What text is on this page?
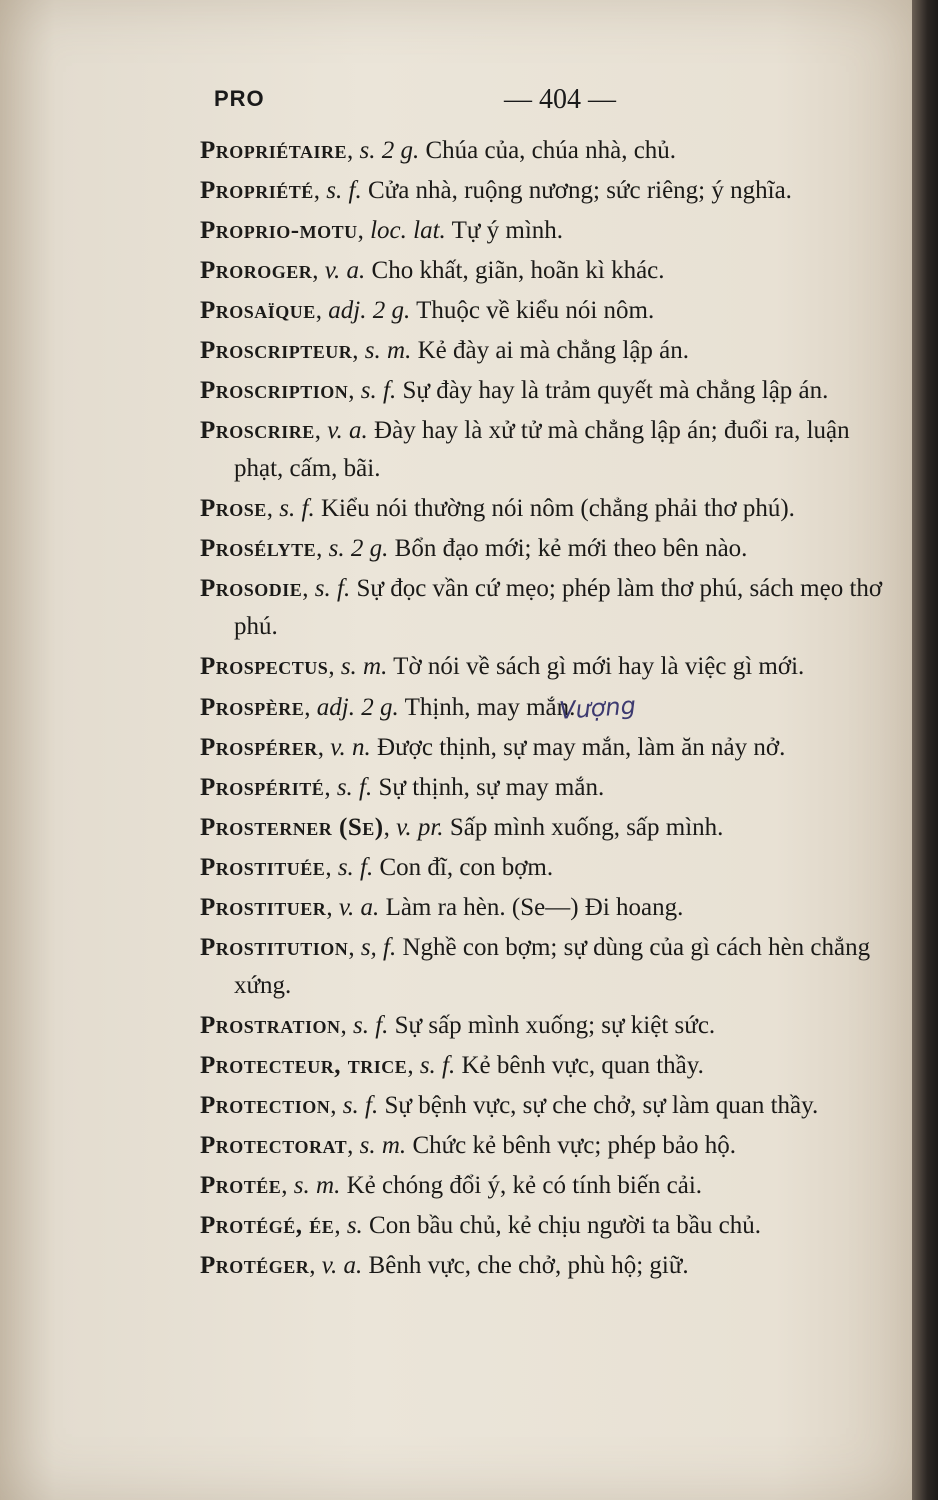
PRO	— 404 —

Propriétaire, s. 2 g. Chúa của, chúa nhà, chủ.

Propriété, s. f. Cửa nhà, ruộng nương; sức riêng; ý nghĩa.

Proprio-motu, loc. lat. Tự ý mình.

Proroger, v. a. Cho khất, giãn, hoãn kì khác.

Prosaïque, adj. 2 g. Thuộc về kiểu nói nôm.

Proscripteur, s. m. Kẻ đày ai mà chẳng lập án.

Proscription, s. f. Sự đày hay là trảm quyết mà chẳng lập án.

Proscrire, v. a. Đày hay là xử tử mà chẳng lập án; đuổi ra, luận phạt, cấm, bãi.

Prose, s. f. Kiểu nói thường nói nôm (chẳng phải thơ phú).

Prosélyte, s. 2 g. Bổn đạo mới; kẻ mới theo bên nào.

Prosodie, s. f. Sự đọc vần cứ mẹo; phép làm thơ phú, sách mẹo thơ phú.

Prospectus, s. m. Tờ nói về sách gì mới hay là việc gì mới.

Prospère, adj. 2 g. Thịnh, may mắn.Vượng

Prospérer, v. n. Được thịnh, sự may mắn, làm ăn nảy nở.

Prospérité, s. f. Sự thịnh, sự may mắn.

Prosterner (Se), v. pr. Sấp mình xuống, sấp mình.

Prostituée, s. f. Con đĩ, con bợm.

Prostituer, v. a. Làm ra hèn. (Se—) Đi hoang.

Prostitution, s, f. Nghề con bợm; sự dùng của gì cách hèn chẳng xứng.

Prostration, s. f. Sự sấp mình xuống; sự kiệt sức.

Protecteur, trice, s. f. Kẻ bênh vực, quan thầy.

Protection, s. f. Sự bệnh vực, sự che chở, sự làm quan thầy.

Protectorat, s. m. Chức kẻ bênh vực; phép bảo hộ.

Protée, s. m. Kẻ chóng đổi ý, kẻ có tính biến cải.

Protégé, ée, s. Con bầu chủ, kẻ chịu người ta bầu chủ.

Protéger, v. a. Bênh vực, che chở, phù hộ; giữ.
